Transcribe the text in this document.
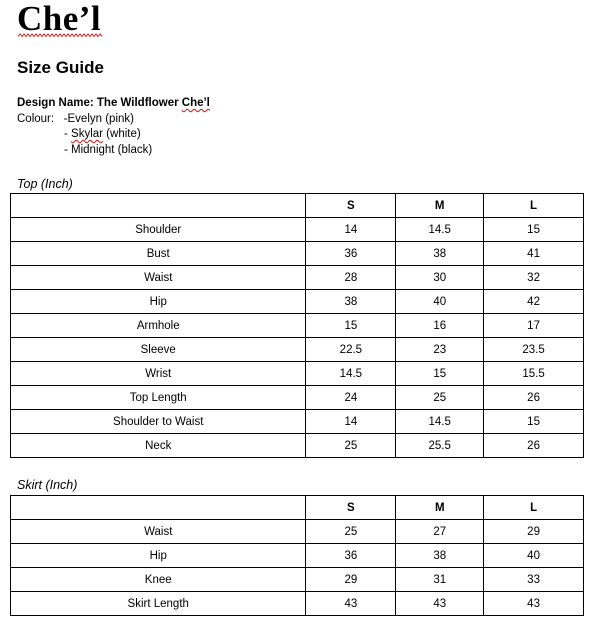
Che’l
Size Guide
Design Name: The Wildflower Che’l
Colour: -Evelyn (pink)
- Skylar (white)
- Midnight (black)
Top (Inch)
	S	M	L
Shoulder	14	14.5	15
Bust	36	38	41
Waist	28	30	32
Hip	38	40	42
Armhole	15	16	17
Sleeve	22.5	23	23.5
Wrist	14.5	15	15.5
Top Length	24	25	26
Shoulder to Waist	14	14.5	15
Neck	25	25.5	26
Skirt (Inch)
	S	M	L
Waist	25	27	29
Hip	36	38	40
Knee	29	31	33
Skirt Length	43	43	43
